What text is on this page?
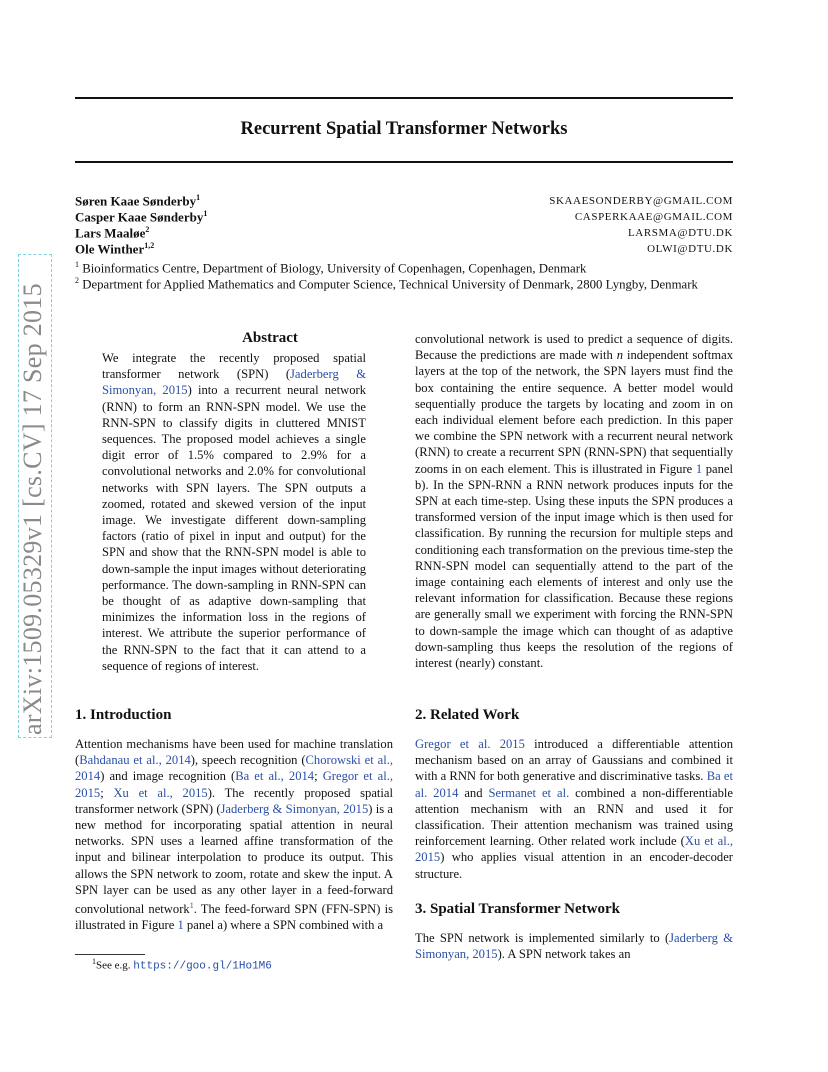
arXiv:1509.05329v1 [cs.CV] 17 Sep 2015
Recurrent Spatial Transformer Networks
Søren Kaae Sønderby$^1$	SKAAESONDERBY@GMAIL.COM
Casper Kaae Sønderby$^1$	CASPERKAAE@GMAIL.COM
Lars Maaløe$^2$	LARSMA@DTU.DK
Ole Winther$^{1,2}$	OLWI@DTU.DK
$^1$ Bioinformatics Centre, Department of Biology, University of Copenhagen, Copenhagen, Denmark
$^2$ Department for Applied Mathematics and Computer Science, Technical University of Denmark, 2800 Lyngby, Denmark
Abstract
We integrate the recently proposed spatial transformer network (SPN) (Jaderberg & Simonyan, 2015) into a recurrent neural network (RNN) to form an RNN-SPN model. We use the RNN-SPN to classify digits in cluttered MNIST sequences. The proposed model achieves a single digit error of 1.5% compared to 2.9% for a convolutional networks and 2.0% for convolutional networks with SPN layers. The SPN outputs a zoomed, rotated and skewed version of the input image. We investigate different down-sampling factors (ratio of pixel in input and output) for the SPN and show that the RNN-SPN model is able to down-sample the input images without deteriorating performance. The down-sampling in RNN-SPN can be thought of as adaptive down-sampling that minimizes the information loss in the regions of interest. We attribute the superior performance of the RNN-SPN to the fact that it can attend to a sequence of regions of interest.
1. Introduction
Attention mechanisms have been used for machine translation (Bahdanau et al., 2014), speech recognition (Chorowski et al., 2014) and image recognition (Ba et al., 2014; Gregor et al., 2015; Xu et al., 2015). The recently proposed spatial transformer network (SPN) (Jaderberg & Simonyan, 2015) is a new method for incorporating spatial attention in neural networks. SPN uses a learned affine transformation of the input and bilinear interpolation to produce its output. This allows the SPN network to zoom, rotate and skew the input. A SPN layer can be used as any other layer in a feed-forward convolutional network$^1$. The feed-forward SPN (FFN-SPN) is illustrated in Figure 1 panel a) where a SPN combined with a
convolutional network is used to predict a sequence of digits. Because the predictions are made with n independent softmax layers at the top of the network, the SPN layers must find the box containing the entire sequence. A better model would sequentially produce the targets by locating and zoom in on each individual element before each prediction. In this paper we combine the SPN network with a recurrent neural network (RNN) to create a recurrent SPN (RNN-SPN) that sequentially zooms in on each element. This is illustrated in Figure 1 panel b). In the SPN-RNN a RNN network produces inputs for the SPN at each time-step. Using these inputs the SPN produces a transformed version of the input image which is then used for classification. By running the recursion for multiple steps and conditioning each transformation on the previous time-step the RNN-SPN model can sequentially attend to the part of the image containing each elements of interest and only use the relevant information for classification. Because these regions are generally small we experiment with forcing the RNN-SPN to down-sample the image which can thought of as adaptive down-sampling thus keeps the resolution of the regions of interest (nearly) constant.
2. Related Work
Gregor et al. 2015 introduced a differentiable attention mechanism based on an array of Gaussians and combined it with a RNN for both generative and discriminative tasks. Ba et al. 2014 and Sermanet et al. combined a non-differentiable attention mechanism with an RNN and used it for classification. Their attention mechanism was trained using reinforcement learning. Other related work include (Xu et al., 2015) who applies visual attention in an encoder-decoder structure.
3. Spatial Transformer Network
The SPN network is implemented similarly to (Jaderberg & Simonyan, 2015). A SPN network takes an
$^1$See e.g. https://goo.gl/1Ho1M6
